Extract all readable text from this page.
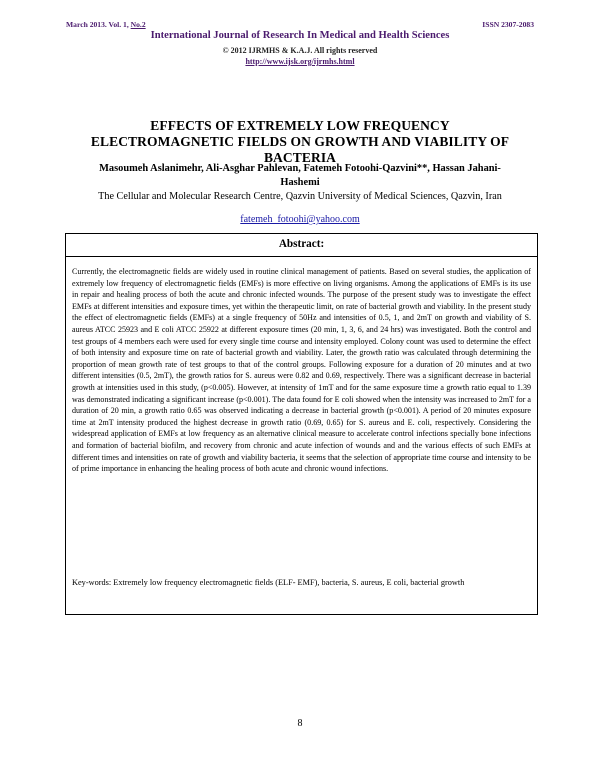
March 2013. Vol. 1, No.2	ISSN 2307-2083
International Journal of Research In Medical and Health Sciences
© 2012 IJRMHS & K.A.J. All rights reserved
http://www.ijsk.org/ijrmhs.html
EFFECTS OF EXTREMELY LOW FREQUENCY ELECTROMAGNETIC FIELDS ON GROWTH AND VIABILITY OF BACTERIA
Masoumeh Aslanimehr, Ali-Asghar Pahlevan, Fatemeh Fotoohi-Qazvini**, Hassan Jahani-Hashemi
The Cellular and Molecular Research Centre, Qazvin University of Medical Sciences, Qazvin, Iran
fatemeh_fotoohi@yahoo.com
Abstract:
Currently, the electromagnetic fields are widely used in routine clinical management of patients. Based on several studies, the application of extremely low frequency of electromagnetic fields (EMFs) is more effective on living organisms. Among the applications of EMFs is its use in repair and healing process of both the acute and chronic infected wounds. The purpose of the present study was to investigate the effect EMFs at different intensities and exposure times, yet within the therapeutic limit, on rate of bacterial growth and viability. In the present study the effect of electromagnetic fields (EMFs) at a single frequency of 50Hz and intensities of 0.5, 1, and 2mT on growth and viability of S. aureus ATCC 25923 and E coli ATCC 25922 at different exposure times (20 min, 1, 3, 6, and 24 hrs) was investigated. Both the control and test groups of 4 members each were used for every single time course and intensity employed. Colony count was used to determine the effect of both intensity and exposure time on rate of bacterial growth and viability. Later, the growth ratio was calculated through determining the proportion of mean growth rate of test groups to that of the control groups. Following exposure for a duration of 20 minutes and at two different intensities (0.5, 2mT), the growth ratios for S. aureus were 0.82 and 0.69, respectively. There was a significant decrease in bacterial growth at intensities used in this study, (p<0.005). However, at intensity of 1mT and for the same exposure time a growth ratio equal to 1.39 was demonstrated indicating a significant increase (p<0.001). The data found for E coli showed when the intensity was increased to 2mT for a duration of 20 min, a growth ratio 0.65 was observed indicating a decrease in bacterial growth (p<0.001). A period of 20 minutes exposure time at 2mT intensity produced the highest decrease in growth ratio (0.69, 0.65) for S. aureus and E. coli, respectively. Considering the widespread application of EMFs at low frequency as an alternative clinical measure to accelerate control infections specially bone infections and formation of bacterial biofilm, and recovery from chronic and acute infection of wounds and and the various effects of such EMFs at different times and intensities on rate of growth and viability bacteria, it seems that the selection of appropriate time course and intensity to be of prime importance in enhancing the healing process of both acute and chronic wound infections.
Key-words: Extremely low frequency electromagnetic fields (ELF- EMF), bacteria, S. aureus, E coli, bacterial growth
8
